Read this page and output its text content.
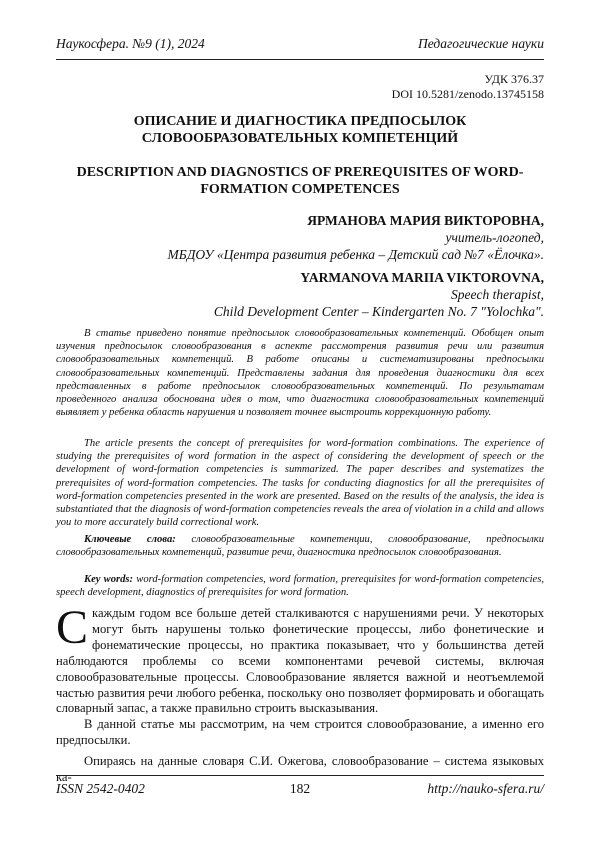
Наукосфера. №9 (1), 2024	Педагогические науки
УДК 376.37
DOI 10.5281/zenodo.13745158
ОПИСАНИЕ И ДИАГНОСТИКА ПРЕДПОСЫЛОК
СЛОВООБРАЗОВАТЕЛЬНЫХ КОМПЕТЕНЦИЙ
DESCRIPTION AND DIAGNOSTICS OF PREREQUISITES OF WORD-
FORMATION COMPETENCES
ЯРМАНОВА МАРИЯ ВИКТОРОВНА,
учитель-логопед,
МБДОУ «Центра развития ребенка – Детский сад №7 «Ёлочка».
YARMANOVA MARIIA VIKTOROVNA,
Speech therapist,
Child Development Center – Kindergarten No. 7 "Yolochka".

В статье приведено понятие предпосылок словообразовательных компетенций. Обобщен опыт изучения предпосылок словообразования в аспекте рассмотрения развития речи или развития словообразовательных компетенций. В работе описаны и систематизированы предпосылки словообразовательных компетенций. Представлены задания для проведения диагностики для всех представленных в работе предпосылок словообразовательных компетенций. По результатам проведенного анализа обоснована идея о том, что диагностика словообразовательных компетенций выявляет у ребенка область нарушения и позволяет точнее выстроить коррекционную работу.

The article presents the concept of prerequisites for word-formation combinations. The experience of studying the prerequisites of word formation in the aspect of considering the development of speech or the development of word-formation competencies is summarized. The paper describes and systematizes the prerequisites of word-formation competencies. The tasks for conducting diagnostics for all the prerequisites of word-formation competencies presented in the work are presented. Based on the results of the analysis, the idea is substantiated that the diagnosis of word-formation competencies reveals the area of violation in a child and allows you to more accurately build correctional work.

Ключевые слова: словообразовательные компетенции, словообразование, предпосылки словообразовательных компетенций, развитие речи, диагностика предпосылок словообразования.

Key words: word-formation competencies, word formation, prerequisites for word-formation competencies, speech development, diagnostics of prerequisites for word formation.

Скаждым годом все больше детей сталкиваются с нарушениями речи. У некоторых могут быть нарушены только фонетические процессы, либо фонетические и фонематические процессы, но практика показывает, что у большинства детей наблюдаются проблемы со всеми компонентами речевой системы, включая словообразовательные процессы. Словообразование является важной и неотъемлемой частью развития речи любого ребенка, поскольку оно позволяет формировать и обогащать словарный запас, а также правильно строить высказывания.

В данной статье мы рассмотрим, на чем строится словообразование, а именно его предпосылки.

Опираясь на данные словаря С.И. Ожегова, словообразование – система языковых ка-

ISSN 2542-0402	182	http://nauko-sfera.ru/
